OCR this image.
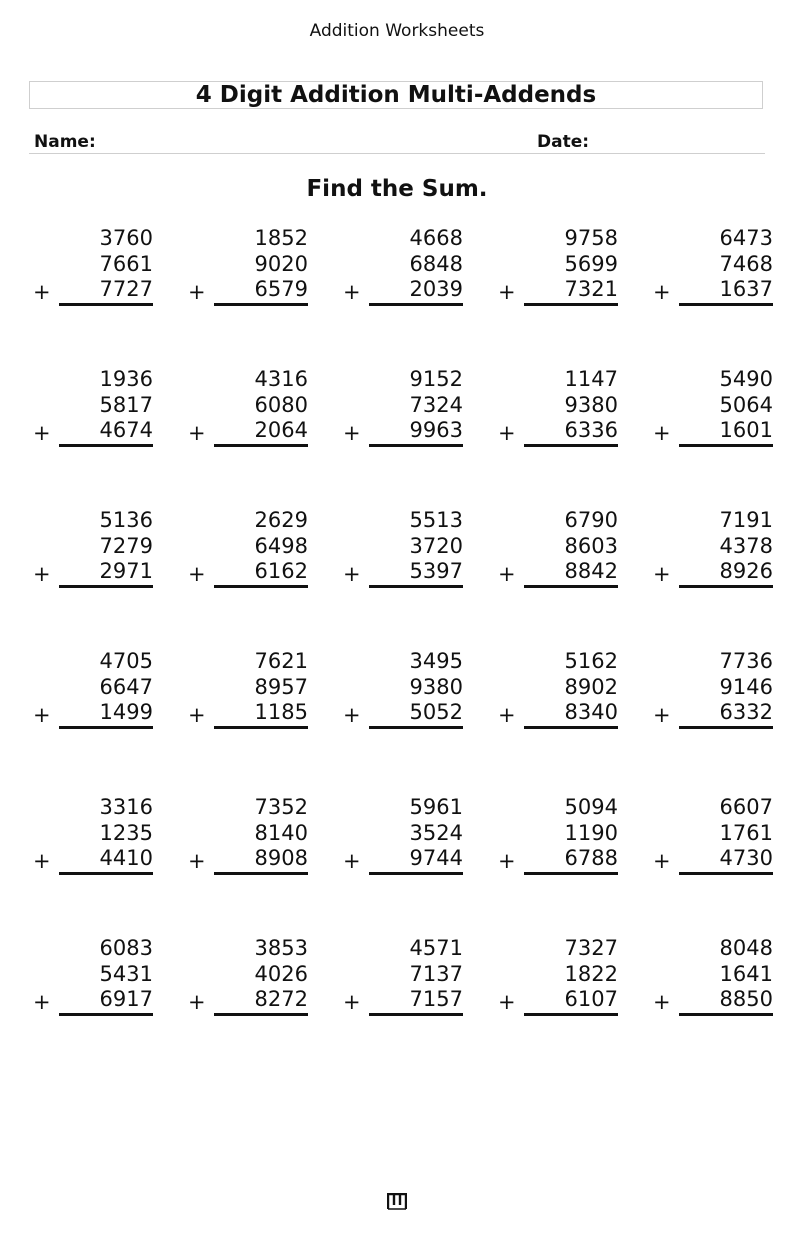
Addition Worksheets
4 Digit Addition Multi-Addends
Name:	Date:
Find the Sum.
3760
7661
7727
+
1852
9020
6579
+
4668
6848
2039
+
9758
5699
7321
+
6473
7468
1637
+
1936
5817
4674
+
4316
6080
2064
+
9152
7324
9963
+
1147
9380
6336
+
5490
5064
1601
+
5136
7279
2971
+
2629
6498
6162
+
5513
3720
5397
+
6790
8603
8842
+
7191
4378
8926
+
4705
6647
1499
+
7621
8957
1185
+
3495
9380
5052
+
5162
8902
8340
+
7736
9146
6332
+
3316
1235
4410
+
7352
8140
8908
+
5961
3524
9744
+
5094
1190
6788
+
6607
1761
4730
+
6083
5431
6917
+
3853
4026
8272
+
4571
7137
7157
+
7327
1822
6107
+
8048
1641
8850
+
